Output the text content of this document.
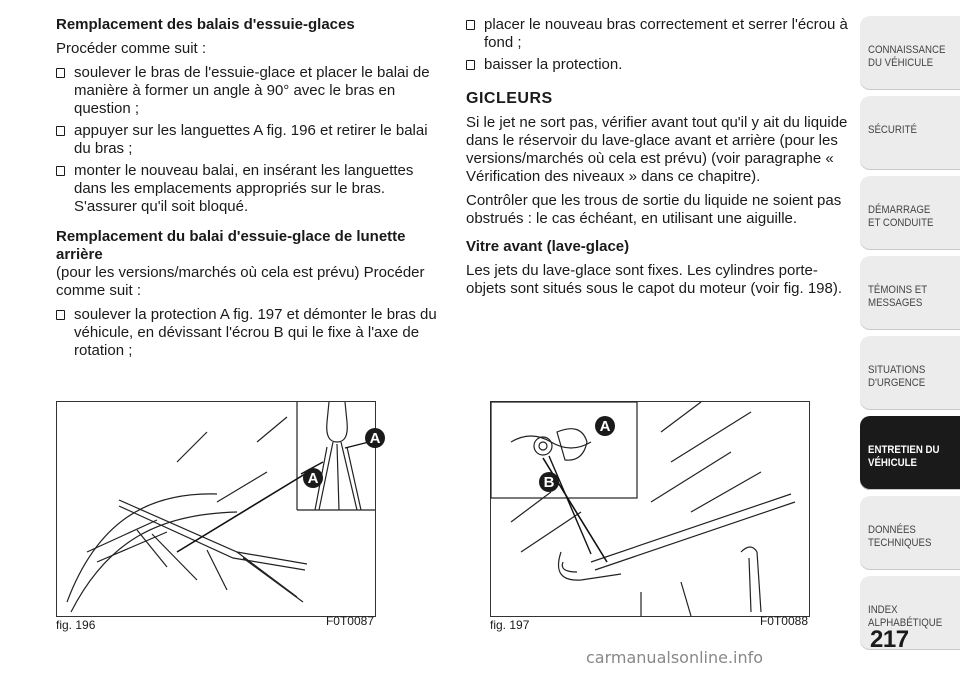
Remplacement des balais d'essuie-glaces
Procéder comme suit :
soulever le bras de l'essuie-glace et placer le balai de manière à former un angle à 90° avec le bras en question ;
appuyer sur les languettes A fig. 196 et retirer le balai du bras ;
monter le nouveau balai, en insérant les languettes dans les emplacements appropriés sur le bras. S'assurer qu'il soit bloqué.
Remplacement du balai d'essuie-glace de lunette arrière
(pour les versions/marchés où cela est prévu) Procéder comme suit :
soulever la protection A fig. 197 et démonter le bras du véhicule, en dévissant l'écrou B qui le fixe à l'axe de rotation ;
placer le nouveau bras correctement et serrer l'écrou à fond ;
baisser la protection.
GICLEURS
Si le jet ne sort pas, vérifier avant tout qu'il y ait du liquide dans le réservoir du lave-glace avant et arrière (pour les versions/marchés où cela est prévu) (voir paragraphe « Vérification des niveaux » dans ce chapitre).
Contrôler que les trous de sortie du liquide ne soient pas obstrués : le cas échéant, en utilisant une aiguille.
Vitre avant (lave-glace)
Les jets du lave-glace sont fixes. Les cylindres porte-objets sont situés sous le capot du moteur (voir fig. 198).
A
A
fig. 196	F0T0087
A
B
fig. 197	F0T0088
CONNAISSANCE DU VÉHICULE
SÉCURITÉ
DÉMARRAGE ET CONDUITE
TÉMOINS ET MESSAGES
SITUATIONS D'URGENCE
ENTRETIEN DU VÉHICULE
DONNÉES TECHNIQUES
INDEX ALPHABÉTIQUE
217
carmanualsonline.info
